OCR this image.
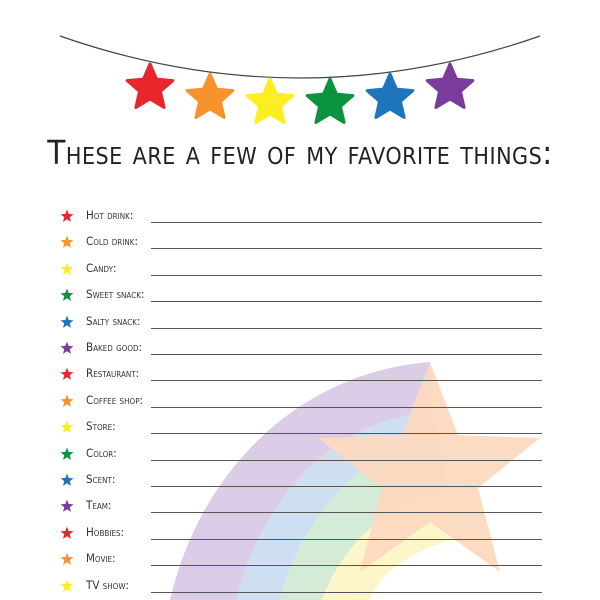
These are a few of my favorite things:
Hot drink:
Cold drink:
Candy:
Sweet snack:
Salty snack:
Baked good:
Restaurant:
Coffee shop:
Store:
Color:
Scent:
Team:
Hobbies:
Movie:
TV show:
